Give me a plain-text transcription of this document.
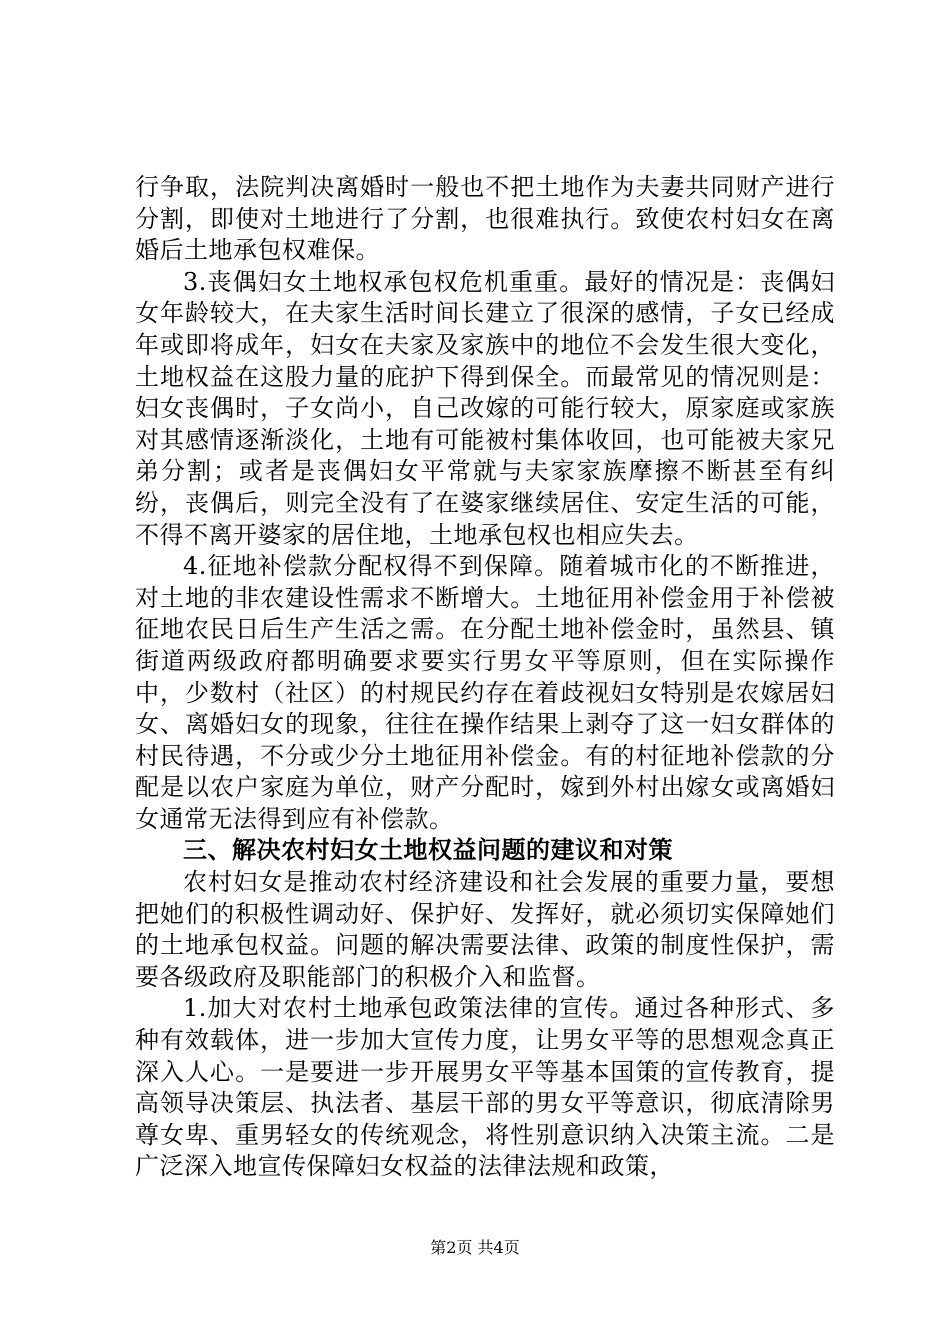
行争取，法院判决离婚时一般也不把土地作为夫妻共同财产进行分割，即使对土地进行了分割，也很难执行。致使农村妇女在离婚后土地承包权难保。

3.丧偶妇女土地权承包权危机重重。最好的情况是：丧偶妇女年龄较大，在夫家生活时间长建立了很深的感情，子女已经成年或即将成年，妇女在夫家及家族中的地位不会发生很大变化，土地权益在这股力量的庇护下得到保全。而最常见的情况则是：妇女丧偶时，子女尚小，自己改嫁的可能行较大，原家庭或家族对其感情逐渐淡化，土地有可能被村集体收回，也可能被夫家兄弟分割；或者是丧偶妇女平常就与夫家家族摩擦不断甚至有纠纷，丧偶后，则完全没有了在婆家继续居住、安定生活的可能，不得不离开婆家的居住地，土地承包权也相应失去。

4.征地补偿款分配权得不到保障。随着城市化的不断推进，对土地的非农建设性需求不断增大。土地征用补偿金用于补偿被征地农民日后生产生活之需。在分配土地补偿金时，虽然县、镇街道两级政府都明确要求要实行男女平等原则，但在实际操作中，少数村（社区）的村规民约存在着歧视妇女特别是农嫁居妇女、离婚妇女的现象，往往在操作结果上剥夺了这一妇女群体的村民待遇，不分或少分土地征用补偿金。有的村征地补偿款的分配是以农户家庭为单位，财产分配时，嫁到外村出嫁女或离婚妇女通常无法得到应有补偿款。

三、解决农村妇女土地权益问题的建议和对策

农村妇女是推动农村经济建设和社会发展的重要力量，要想把她们的积极性调动好、保护好、发挥好，就必须切实保障她们的土地承包权益。问题的解决需要法律、政策的制度性保护，需要各级政府及职能部门的积极介入和监督。

1.加大对农村土地承包政策法律的宣传。通过各种形式、多种有效载体，进一步加大宣传力度，让男女平等的思想观念真正深入人心。一是要进一步开展男女平等基本国策的宣传教育，提高领导决策层、执法者、基层干部的男女平等意识，彻底清除男尊女卑、重男轻女的传统观念，将性别意识纳入决策主流。二是广泛深入地宣传保障妇女权益的法律法规和政策，

第2页 共4页
